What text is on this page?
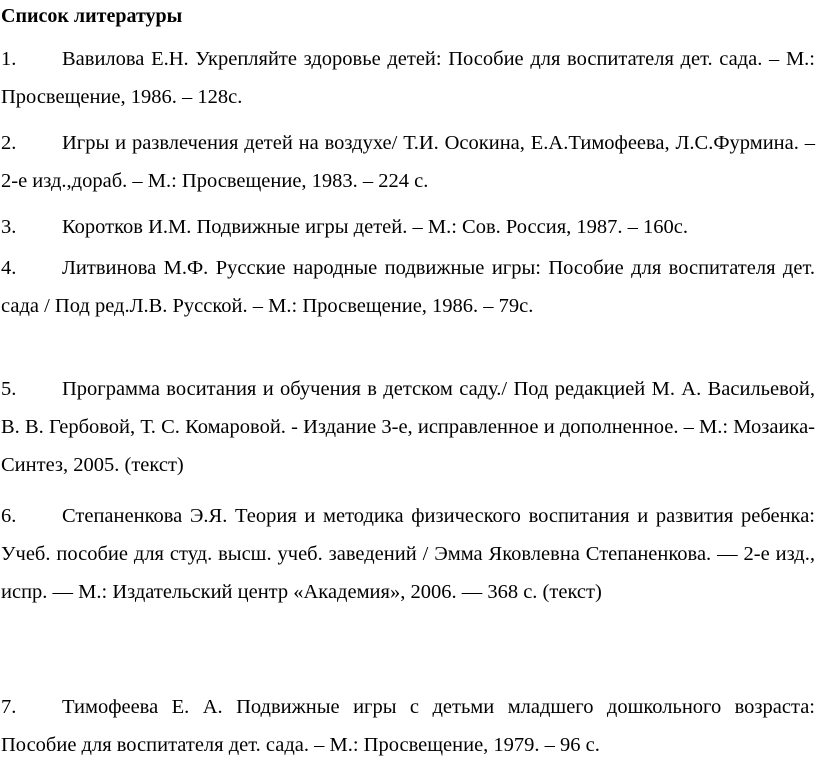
Список литературы
1. Вавилова Е.Н. Укрепляйте здоровье детей: Пособие для воспитателя дет. сада. – М.: Просвещение, 1986. – 128с.
2. Игры и развлечения детей на воздухе/ Т.И. Осокина, Е.А.Тимофеева, Л.С.Фурмина. – 2-е изд.,дораб. – М.: Просвещение, 1983. – 224 с.
3. Коротков И.М. Подвижные игры детей. – М.: Сов. Россия, 1987. – 160с.
4. Литвинова М.Ф. Русские народные подвижные игры: Пособие для воспитателя дет. сада / Под ред.Л.В. Русской. – М.: Просвещение, 1986. – 79с.
5. Программа воситания и обучения в детском саду./ Под редакцией М. А. Васильевой, В. В. Гербовой, Т. С. Комаровой. - Издание 3-е, исправленное и дополненное. – М.: Мозаика-Синтез, 2005. (текст)
6. Степаненкова Э.Я. Теория и методика физического воспитания и развития ребенка: Учеб. пособие для студ. высш. учеб. заведений / Эмма Яковлевна Степаненкова. — 2-е изд., испр. — М.: Издательский центр «Академия», 2006. — 368 с. (текст)
7. Тимофеева Е. А. Подвижные игры с детьми младшего дошкольного возраста: Пособие для воспитателя дет. сада. – М.: Просвещение, 1979. – 96 с.
